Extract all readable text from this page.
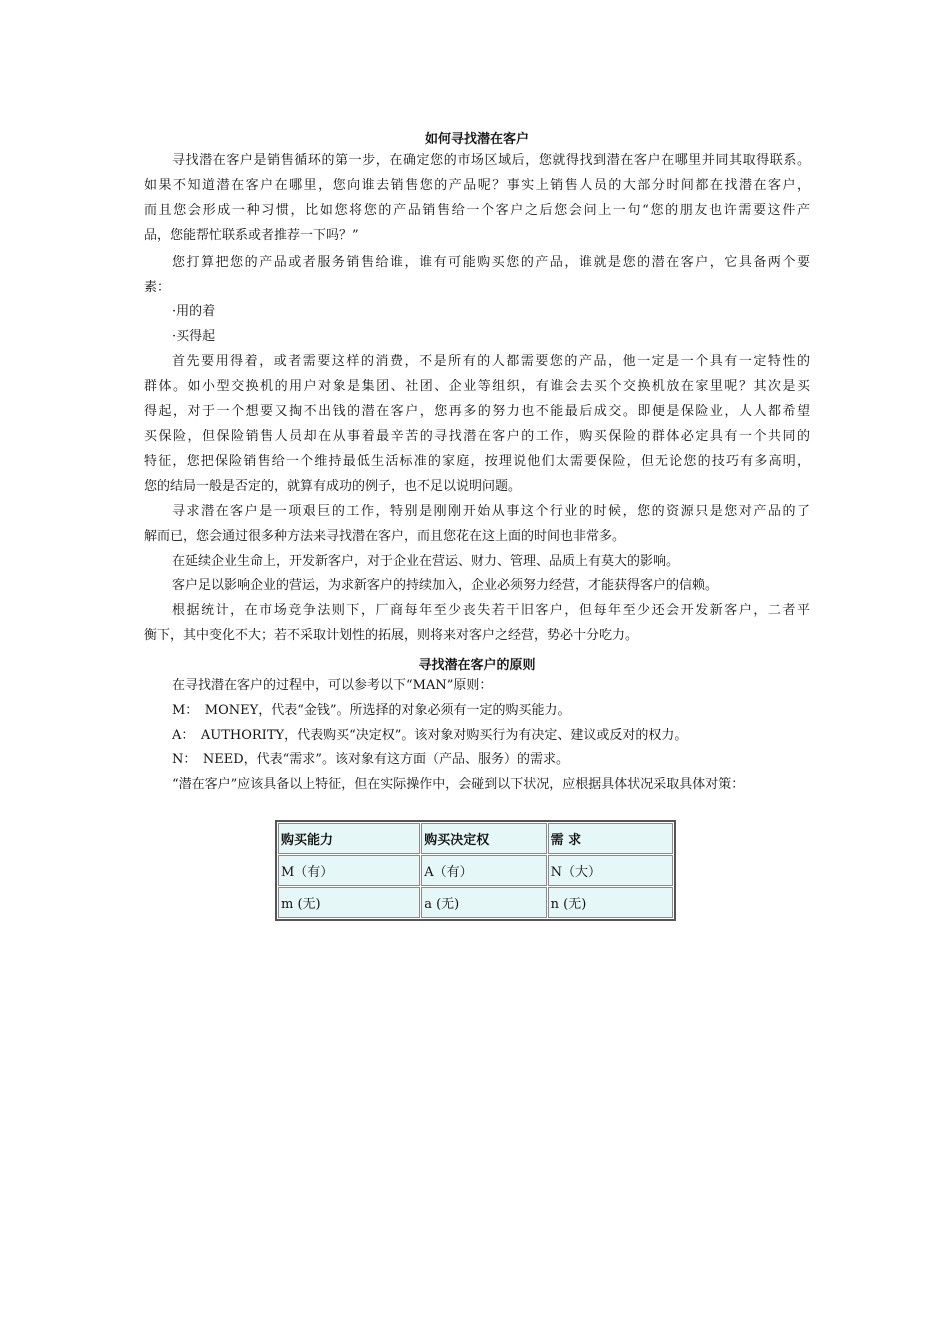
如何寻找潜在客户
寻找潜在客户是销售循环的第一步，在确定您的市场区域后，您就得找到潜在客户在哪里并同其取得联系。
如果不知道潜在客户在哪里，您向谁去销售您的产品呢？事实上销售人员的大部分时间都在找潜在客户，
而且您会形成一种习惯，比如您将您的产品销售给一个客户之后您会问上一句“您的朋友也许需要这件产
品，您能帮忙联系或者推荐一下吗？”
您打算把您的产品或者服务销售给谁，谁有可能购买您的产品，谁就是您的潜在客户，它具备两个要
素：
·用的着
·买得起
首先要用得着，或者需要这样的消费，不是所有的人都需要您的产品，他一定是一个具有一定特性的
群体。如小型交换机的用户对象是集团、社团、企业等组织，有谁会去买个交换机放在家里呢？其次是买
得起，对于一个想要又掏不出钱的潜在客户，您再多的努力也不能最后成交。即便是保险业，人人都希望
买保险，但保险销售人员却在从事着最辛苦的寻找潜在客户的工作，购买保险的群体必定具有一个共同的
特征，您把保险销售给一个维持最低生活标准的家庭，按理说他们太需要保险，但无论您的技巧有多高明，
您的结局一般是否定的，就算有成功的例子，也不足以说明问题。
寻求潜在客户是一项艰巨的工作，特别是刚刚开始从事这个行业的时候，您的资源只是您对产品的了
解而已，您会通过很多种方法来寻找潜在客户，而且您花在这上面的时间也非常多。
在延续企业生命上，开发新客户，对于企业在营运、财力、管理、品质上有莫大的影响。
客户足以影响企业的营运，为求新客户的持续加入，企业必须努力经营，才能获得客户的信赖。
根据统计，在市场竞争法则下，厂商每年至少丧失若干旧客户，但每年至少还会开发新客户，二者平
衡下，其中变化不大；若不采取计划性的拓展，则将来对客户之经营，势必十分吃力。
寻找潜在客户的原则
在寻找潜在客户的过程中，可以参考以下“MAN”原则：
M：　MONEY，代表“金钱”。所选择的对象必须有一定的购买能力。
A：　AUTHORITY，代表购买“决定权”。该对象对购买行为有决定、建议或反对的权力。
N：　NEED，代表“需求”。该对象有这方面（产品、服务）的需求。
“潜在客户”应该具备以上特征，但在实际操作中，会碰到以下状况，应根据具体状况采取具体对策：
购买能力	购买决定权	需 求
M（有）	A（有）	N（大）
m (无)	a (无)	n (无)
